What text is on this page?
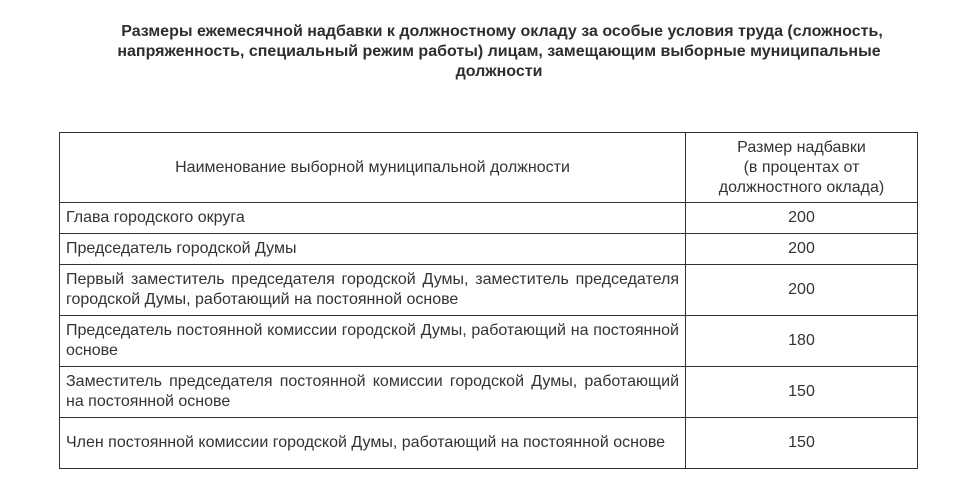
Размеры ежемесячной надбавки к должностному окладу за особые условия труда (сложность,
напряженность, специальный режим работы) лицам, замещающим выборные муниципальные
должности
Наименование выборной муниципальной должности	Размер надбавки
(в процентах от
должностного оклада)

Глава городского округа	200
Председатель городской Думы	200
Первый заместитель председателя городской Думы, заместитель председателя городской Думы, работающий на постоянной основе	200
Председатель постоянной комиссии городской Думы, работающий на постоянной основе	180
Заместитель председателя постоянной комиссии городской Думы, работающий на постоянной основе	150
Член постоянной комиссии городской Думы, работающий на постоянной основе	150
